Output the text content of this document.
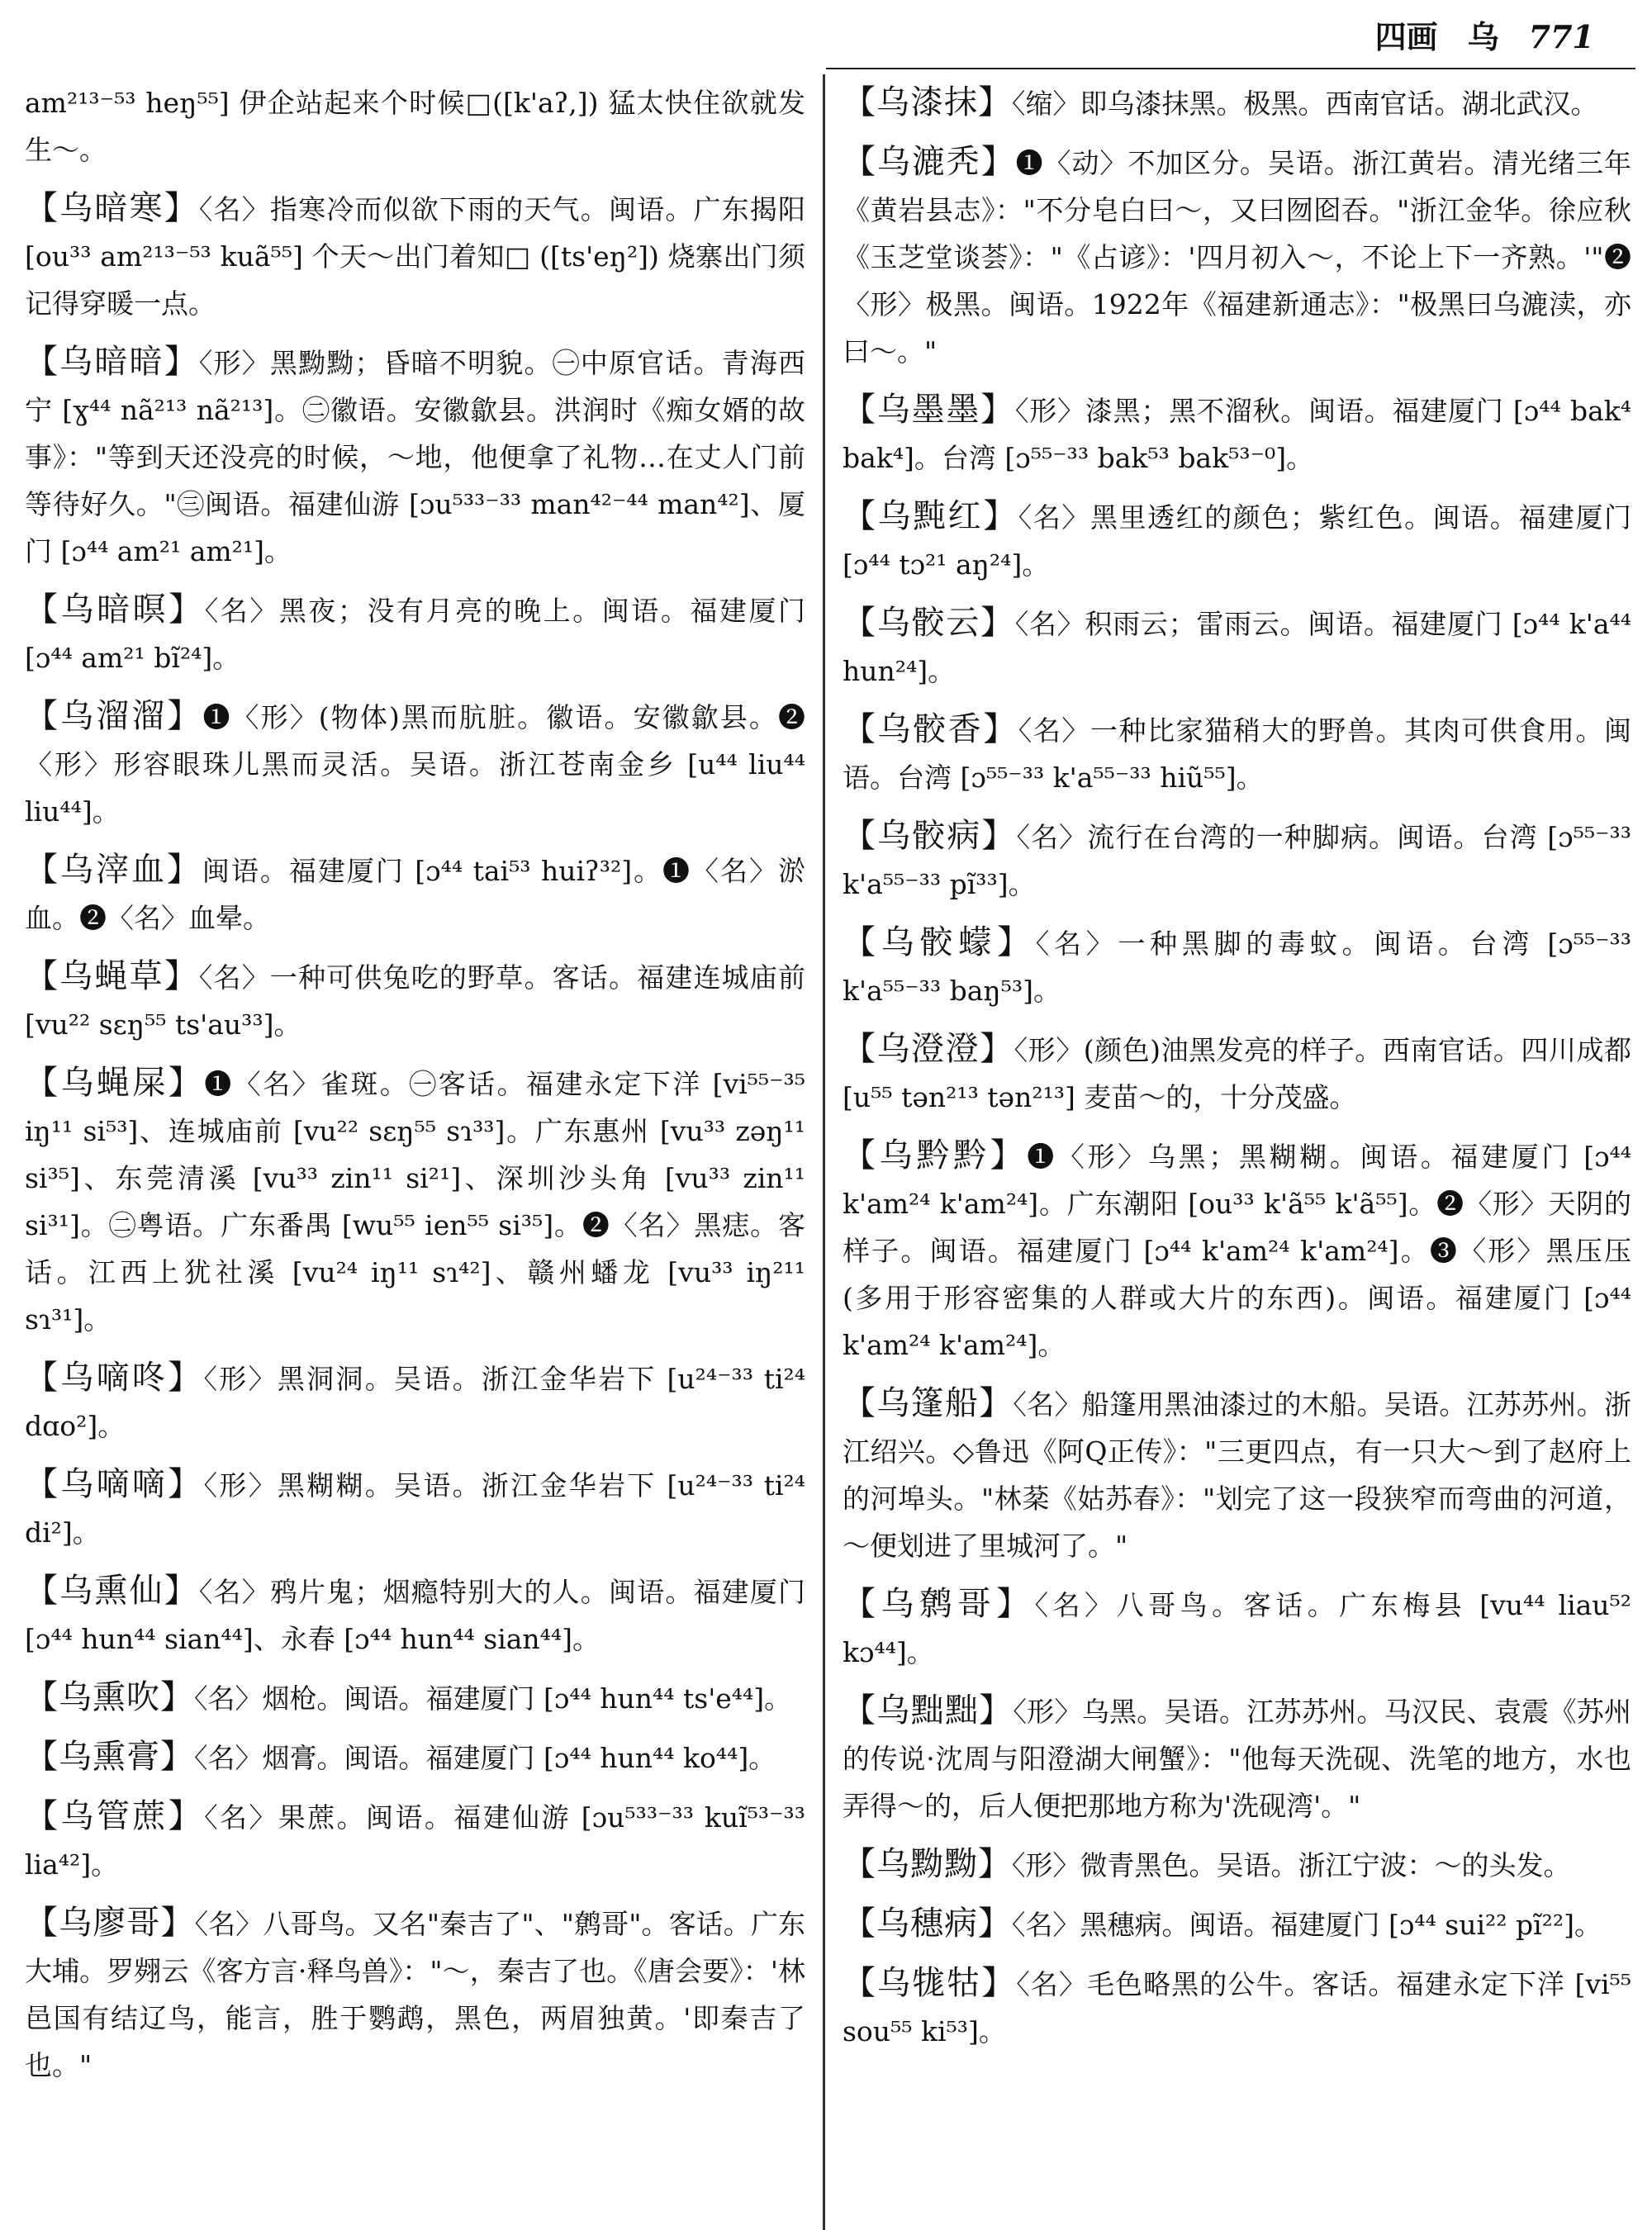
四画 乌 771

am²¹³⁻⁵³ heŋ⁵⁵] 伊企站起来个时候□([k'aʔ,]) 猛太快住欲就发生～。

【乌暗寒】〈名〉指寒冷而似欲下雨的天气。闽语。广东揭阳 [ou³³ am²¹³⁻⁵³ kuã⁵⁵] 个天～出门着知□ ([ts'eŋ²]) 烧寨出门须记得穿暖一点。

【乌暗暗】〈形〉黑黝黝；昏暗不明貌。㊀中原官话。青海西宁 [ɣ⁴⁴ nã²¹³ nã²¹³]。㊁徽语。安徽歙县。洪润时《痴女婿的故事》："等到天还没亮的时候，～地，他便拿了礼物…在丈人门前等待好久。"㊂闽语。福建仙游 [ɔu⁵³³⁻³³ man⁴²⁻⁴⁴ man⁴²]、厦门 [ɔ⁴⁴ am²¹ am²¹]。

【乌暗暝】〈名〉黑夜；没有月亮的晚上。闽语。福建厦门 [ɔ⁴⁴ am²¹ bĩ²⁴]。

【乌溜溜】❶〈形〉(物体)黑而肮脏。徽语。安徽歙县。❷〈形〉形容眼珠儿黑而灵活。吴语。浙江苍南金乡 [u⁴⁴ liu⁴⁴ liu⁴⁴]。

【乌滓血】闽语。福建厦门 [ɔ⁴⁴ tai⁵³ huiʔ³²]。❶〈名〉淤血。❷〈名〉血晕。

【乌蝇草】〈名〉一种可供兔吃的野草。客话。福建连城庙前 [vu²² sɛŋ⁵⁵ ts'au³³]。

【乌蝇屎】❶〈名〉雀斑。㊀客话。福建永定下洋 [vi⁵⁵⁻³⁵ iŋ¹¹ si⁵³]、连城庙前 [vu²² sɛŋ⁵⁵ sɿ³³]。广东惠州 [vu³³ zəŋ¹¹ si³⁵]、东莞清溪 [vu³³ zin¹¹ si²¹]、深圳沙头角 [vu³³ zin¹¹ si³¹]。㊁粤语。广东番禺 [wu⁵⁵ ien⁵⁵ si³⁵]。❷〈名〉黑痣。客话。江西上犹社溪 [vu²⁴ iŋ¹¹ sɿ⁴²]、赣州蟠龙 [vu³³ iŋ²¹¹ sɿ³¹]。

【乌嘀咚】〈形〉黑洞洞。吴语。浙江金华岩下 [u²⁴⁻³³ ti²⁴ dɑo²]。

【乌嘀嘀】〈形〉黑糊糊。吴语。浙江金华岩下 [u²⁴⁻³³ ti²⁴ di²]。

【乌熏仙】〈名〉鸦片鬼；烟瘾特别大的人。闽语。福建厦门 [ɔ⁴⁴ hun⁴⁴ sian⁴⁴]、永春 [ɔ⁴⁴ hun⁴⁴ sian⁴⁴]。

【乌熏吹】〈名〉烟枪。闽语。福建厦门 [ɔ⁴⁴ hun⁴⁴ ts'e⁴⁴]。

【乌熏膏】〈名〉烟膏。闽语。福建厦门 [ɔ⁴⁴ hun⁴⁴ ko⁴⁴]。

【乌管蔗】〈名〉果蔗。闽语。福建仙游 [ɔu⁵³³⁻³³ kuĩ⁵³⁻³³ lia⁴²]。

【乌廖哥】〈名〉八哥鸟。又名"秦吉了"、"鹩哥"。客话。广东大埔。罗翙云《客方言·释鸟兽》："～，秦吉了也。《唐会要》：'林邑国有结辽鸟，能言，胜于鹦鹉，黑色，两眉独黄。'即秦吉了也。"

【乌漆抹】〈缩〉即乌漆抹黑。极黑。西南官话。湖北武汉。

【乌漉秃】❶〈动〉不加区分。吴语。浙江黄岩。清光绪三年《黄岩县志》："不分皂白曰～，又曰囫囵吞。"浙江金华。徐应秋《玉芝堂谈荟》："《占谚》：'四月初入～，不论上下一齐熟。'"❷〈形〉极黑。闽语。1922年《福建新通志》："极黑曰乌漉渎，亦曰～。"

【乌墨墨】〈形〉漆黑；黑不溜秋。闽语。福建厦门 [ɔ⁴⁴ bak⁴ bak⁴]。台湾 [ɔ⁵⁵⁻³³ bak⁵³ bak⁵³⁻⁰]。

【乌黗红】〈名〉黑里透红的颜色；紫红色。闽语。福建厦门 [ɔ⁴⁴ tɔ²¹ aŋ²⁴]。

【乌骹云】〈名〉积雨云；雷雨云。闽语。福建厦门 [ɔ⁴⁴ k'a⁴⁴ hun²⁴]。

【乌骹香】〈名〉一种比家猫稍大的野兽。其肉可供食用。闽语。台湾 [ɔ⁵⁵⁻³³ k'a⁵⁵⁻³³ hiũ⁵⁵]。

【乌骹病】〈名〉流行在台湾的一种脚病。闽语。台湾 [ɔ⁵⁵⁻³³ k'a⁵⁵⁻³³ pĩ³³]。

【乌骹蠓】〈名〉一种黑脚的毒蚊。闽语。台湾 [ɔ⁵⁵⁻³³ k'a⁵⁵⁻³³ baŋ⁵³]。

【乌澄澄】〈形〉(颜色)油黑发亮的样子。西南官话。四川成都 [u⁵⁵ tən²¹³ tən²¹³] 麦苗～的，十分茂盛。

【乌黔黔】❶〈形〉乌黑；黑糊糊。闽语。福建厦门 [ɔ⁴⁴ k'am²⁴ k'am²⁴]。广东潮阳 [ou³³ k'ã⁵⁵ k'ã⁵⁵]。❷〈形〉天阴的样子。闽语。福建厦门 [ɔ⁴⁴ k'am²⁴ k'am²⁴]。❸〈形〉黑压压 (多用于形容密集的人群或大片的东西)。闽语。福建厦门 [ɔ⁴⁴ k'am²⁴ k'am²⁴]。

【乌篷船】〈名〉船篷用黑油漆过的木船。吴语。江苏苏州。浙江绍兴。◇鲁迅《阿Q正传》："三更四点，有一只大～到了赵府上的河埠头。"林棻《姑苏春》："划完了这一段狭窄而弯曲的河道，～便划进了里城河了。"

【乌鹩哥】〈名〉八哥鸟。客话。广东梅县 [vu⁴⁴ liau⁵² kɔ⁴⁴]。

【乌黜黜】〈形〉乌黑。吴语。江苏苏州。马汉民、袁震《苏州的传说·沈周与阳澄湖大闸蟹》："他每天洗砚、洗笔的地方，水也弄得～的，后人便把那地方称为'洗砚湾'。"

【乌黝黝】〈形〉微青黑色。吴语。浙江宁波：～的头发。

【乌穗病】〈名〉黑穗病。闽语。福建厦门 [ɔ⁴⁴ sui²² pĩ²²]。

【乌牻牯】〈名〉毛色略黑的公牛。客话。福建永定下洋 [vi⁵⁵ sou⁵⁵ ki⁵³]。
